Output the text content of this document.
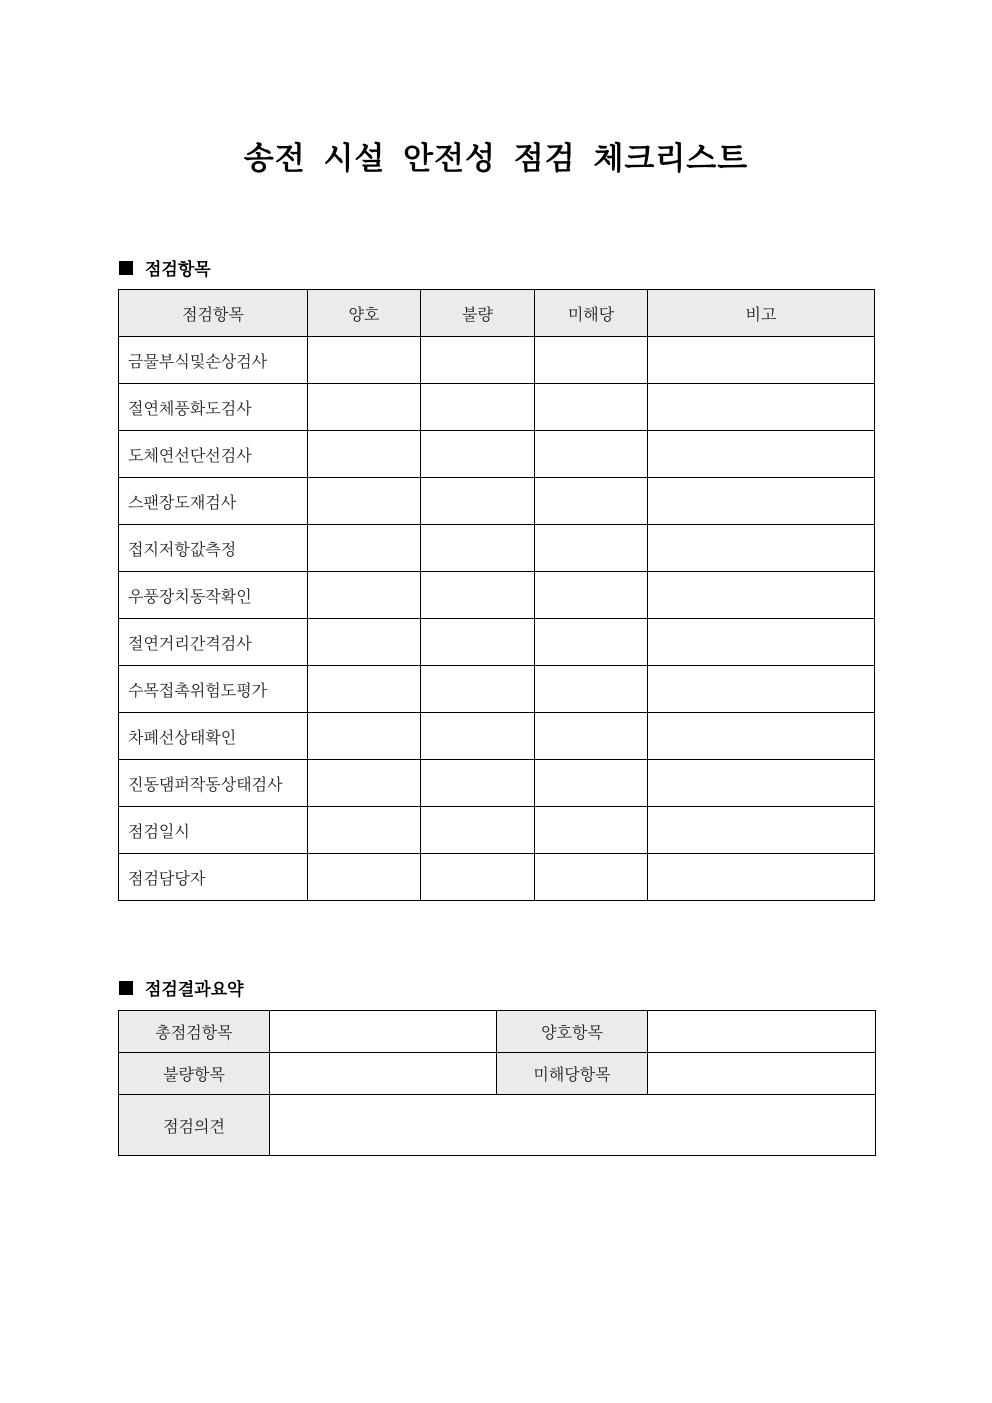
송전 시설 안전성 점검 체크리스트
점검항목
점검항목	양호	불량	미해당	비고
금물부식및손상검사				
절연체풍화도검사				
도체연선단선검사				
스팬장도재검사				
접지저항값측정				
우풍장치동작확인				
절연거리간격검사				
수목접촉위험도평가				
차폐선상태확인				
진동댐퍼작동상태검사				
점검일시				
점검담당자				
점검결과요약
총점검항목		양호항목	
불량항목		미해당항목	
점검의견			
